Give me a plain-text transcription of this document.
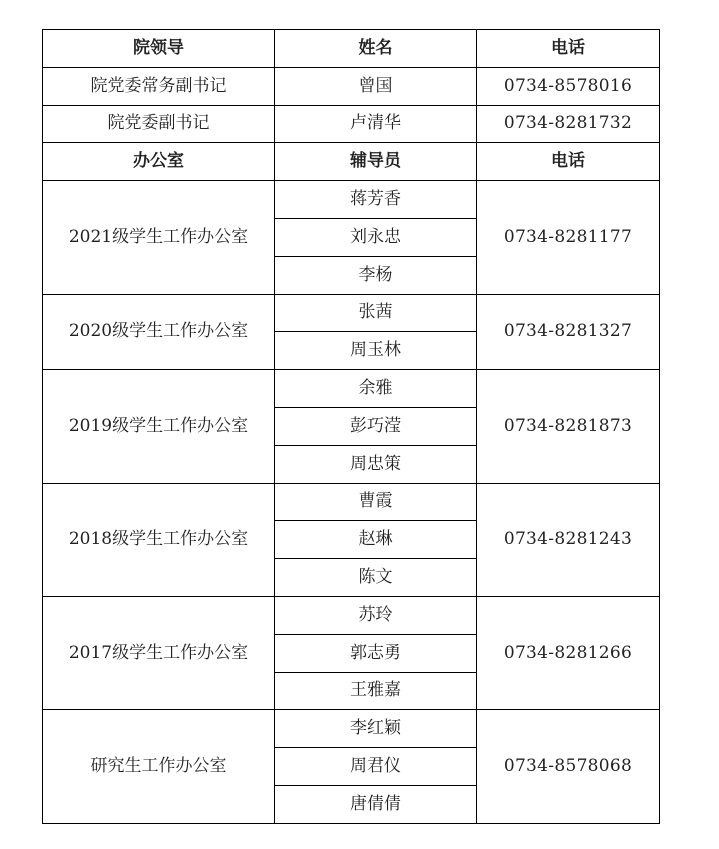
院领导	姓名	电话
院党委常务副书记	曾国	0734-8578016
院党委副书记	卢清华	0734-8281732
办公室	辅导员	电话
2021级学生工作办公室	蒋芳香	0734-8281177
	刘永忠	
	李杨	
2020级学生工作办公室	张茜	0734-8281327
	周玉林	
2019级学生工作办公室	余雅	0734-8281873
	彭巧滢	
	周忠策	
2018级学生工作办公室	曹霞	0734-8281243
	赵琳	
	陈文	
2017级学生工作办公室	苏玲	0734-8281266
	郭志勇	
	王雅嘉	
研究生工作办公室	李红颖	0734-8578068
	周君仪	
	唐倩倩	
